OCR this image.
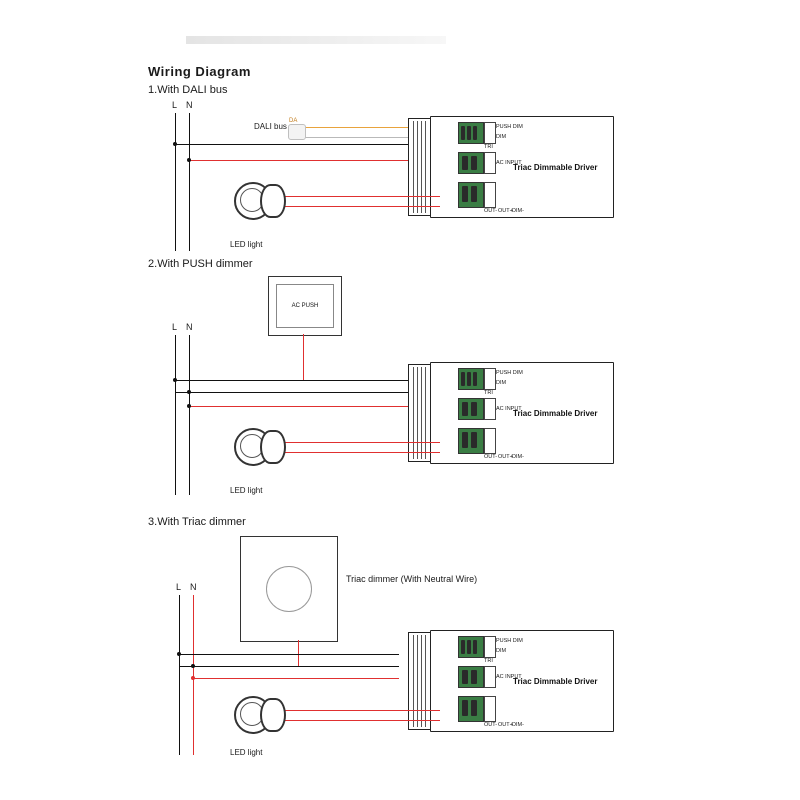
Wiring Diagram
1.With DALI bus
L N
DALI bus
DA
Triac Dimmable Driver
PUSH DIM
TRI
DIM
AC INPUT
OUT- OUT+ DIM-
LED light
2.With PUSH dimmer
AC PUSH
L N
Triac Dimmable Driver
PUSH DIM
TRI
DIM
AC INPUT
OUT- OUT+ DIM-
LED light
3.With Triac dimmer
Triac dimmer (With Neutral Wire)
L N
Triac Dimmable Driver
PUSH DIM
TRI
DIM
AC INPUT
OUT- OUT+ DIM-
LED light
